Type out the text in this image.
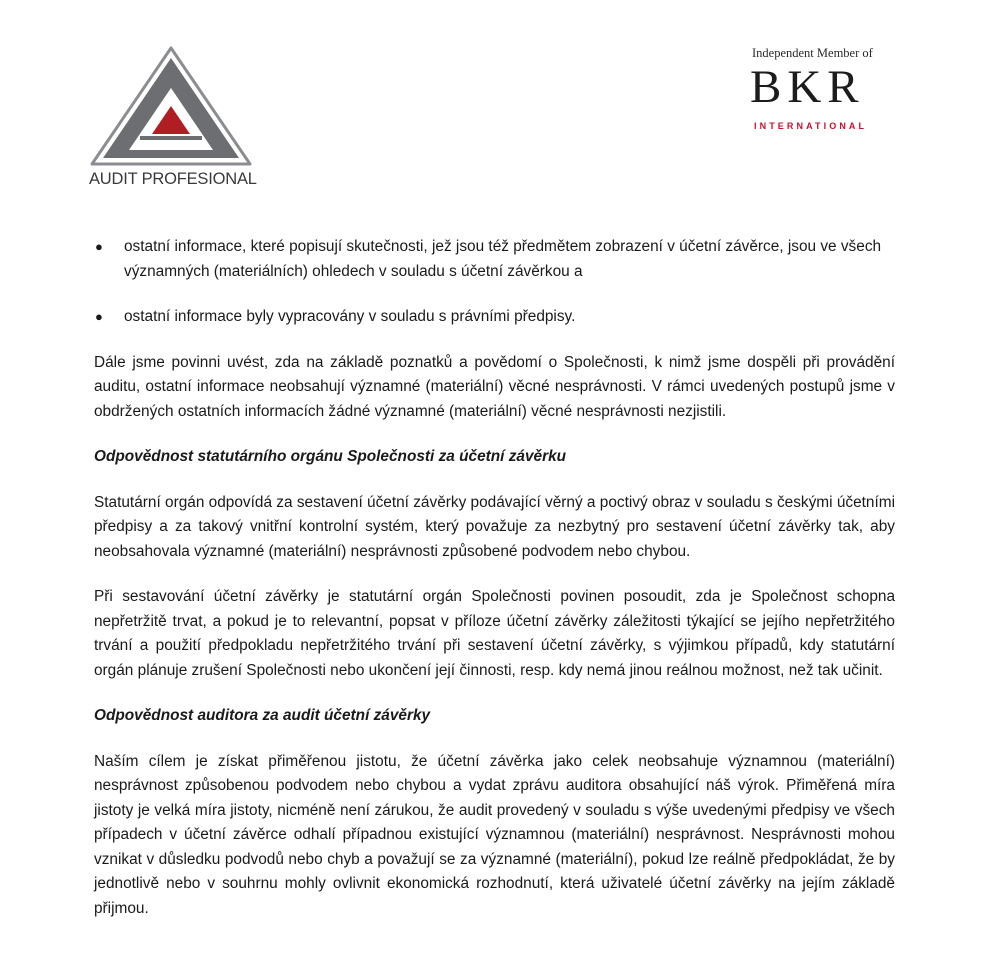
AUDIT PROFESIONAL
Independent Member of
BKR
INTERNATIONAL
● ostatní informace, které popisují skutečnosti, jež jsou též předmětem zobrazení v účetní závěrce, jsou ve všech významných (materiálních) ohledech v souladu s účetní závěrkou a
● ostatní informace byly vypracovány v souladu s právními předpisy.

Dále jsme povinni uvést, zda na základě poznatků a povědomí o Společnosti, k nimž jsme dospěli při provádění auditu, ostatní informace neobsahují významné (materiální) věcné nesprávnosti. V rámci uvedených postupů jsme v obdržených ostatních informacích žádné významné (materiální) věcné nesprávnosti nezjistili.

Odpovědnost statutárního orgánu Společnosti za účetní závěrku

Statutární orgán odpovídá za sestavení účetní závěrky podávající věrný a poctivý obraz v souladu s českými účetními předpisy a za takový vnitřní kontrolní systém, který považuje za nezbytný pro sestavení účetní závěrky tak, aby neobsahovala významné (materiální) nesprávnosti způsobené podvodem nebo chybou.

Při sestavování účetní závěrky je statutární orgán Společnosti povinen posoudit, zda je Společnost schopna nepřetržitě trvat, a pokud je to relevantní, popsat v příloze účetní závěrky záležitosti týkající se jejího nepřetržitého trvání a použití předpokladu nepřetržitého trvání při sestavení účetní závěrky, s výjimkou případů, kdy statutární orgán plánuje zrušení Společnosti nebo ukončení její činnosti, resp. kdy nemá jinou reálnou možnost, než tak učinit.

Odpovědnost auditora za audit účetní závěrky

Naším cílem je získat přiměřenou jistotu, že účetní závěrka jako celek neobsahuje významnou (materiální) nesprávnost způsobenou podvodem nebo chybou a vydat zprávu auditora obsahující náš výrok. Přiměřená míra jistoty je velká míra jistoty, nicméně není zárukou, že audit provedený v souladu s výše uvedenými předpisy ve všech případech v účetní závěrce odhalí případnou existující významnou (materiální) nesprávnost. Nesprávnosti mohou vznikat v důsledku podvodů nebo chyb a považují se za významné (materiální), pokud lze reálně předpokládat, že by jednotlivě nebo v souhrnu mohly ovlivnit ekonomická rozhodnutí, která uživatelé účetní závěrky na jejím základě přijmou.
